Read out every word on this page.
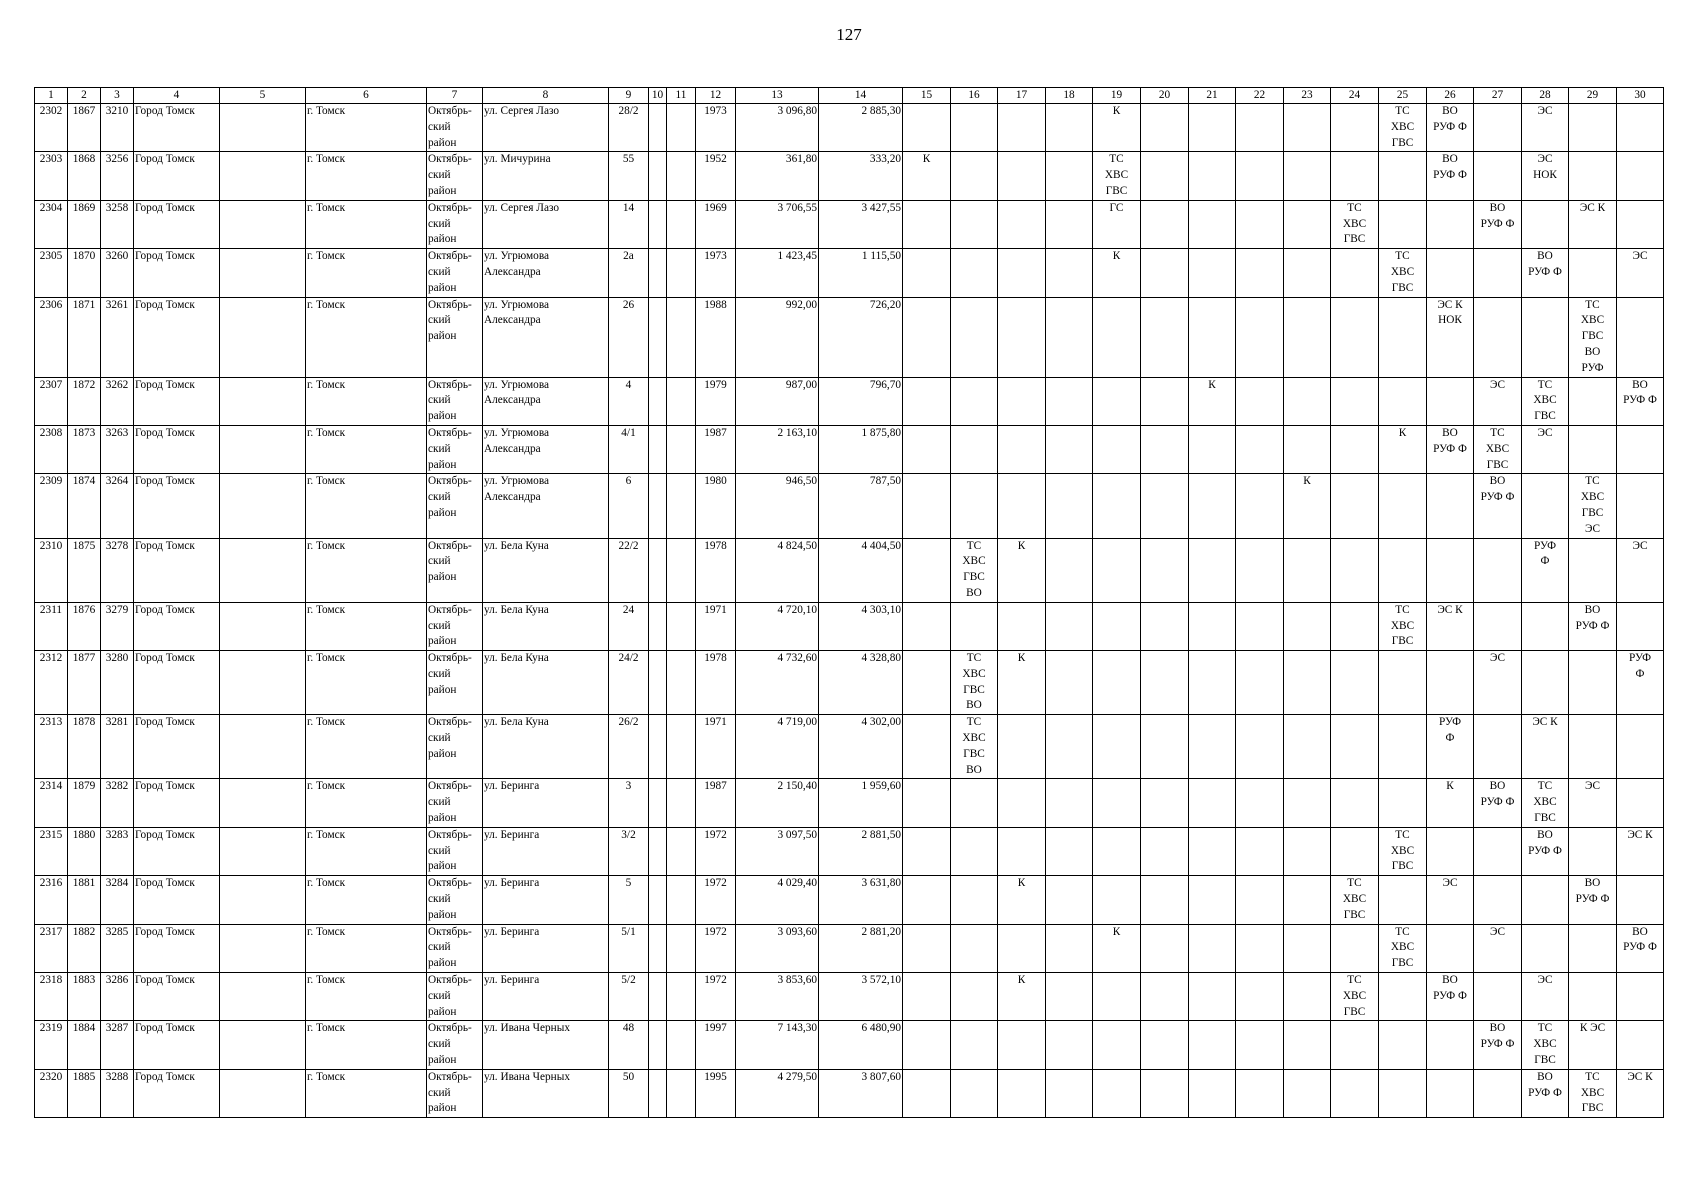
127
1	2	3	4	5	6	7	8	9	10	11	12	13	14	15	16	17	18	19	20	21	22	23	24	25	26	27	28	29	30
2302	1867	3210	Город Томск		г. Томск	Октябрь-
ский
район	ул. Сергея Лазо	28/2			1973	3 096,80	2 885,30					К						ТС
ХВС
ГВС	ВО
РУФ Ф		ЭС		
2303	1868	3256	Город Томск		г. Томск	Октябрь-
ский
район	ул. Мичурина	55			1952	361,80	333,20	К				ТС
ХВС
ГВС							ВО
РУФ Ф		ЭС
НОК		
2304	1869	3258	Город Томск		г. Томск	Октябрь-
ский
район	ул. Сергея Лазо	14			1969	3 706,55	3 427,55					ГС					ТС
ХВС
ГВС			ВО
РУФ Ф		ЭС К	
2305	1870	3260	Город Томск		г. Томск	Октябрь-
ский
район	ул. Угрюмова
Александра	2а			1973	1 423,45	1 115,50					К						ТС
ХВС
ГВС			ВО
РУФ Ф		ЭС
2306	1871	3261	Город Томск		г. Томск	Октябрь-
ский
район	ул. Угрюмова
Александра	26			1988	992,00	726,20												ЭС К
НОК			ТС
ХВС
ГВС
ВО
РУФ	
2307	1872	3262	Город Томск		г. Томск	Октябрь-
ский
район	ул. Угрюмова
Александра	4			1979	987,00	796,70							К						ЭС	ТС
ХВС
ГВС		ВО
РУФ Ф
2308	1873	3263	Город Томск		г. Томск	Октябрь-
ский
район	ул. Угрюмова
Александра	4/1			1987	2 163,10	1 875,80											К	ВО
РУФ Ф	ТС
ХВС
ГВС	ЭС		
2309	1874	3264	Город Томск		г. Томск	Октябрь-
ский
район	ул. Угрюмова
Александра	6			1980	946,50	787,50									К				ВО
РУФ Ф		ТС
ХВС
ГВС
ЭС	
2310	1875	3278	Город Томск		г. Томск	Октябрь-
ский
район	ул. Бела Куна	22/2			1978	4 824,50	4 404,50		ТС
ХВС
ГВС
ВО	К											РУФ
Ф		ЭС
2311	1876	3279	Город Томск		г. Томск	Октябрь-
ский
район	ул. Бела Куна	24			1971	4 720,10	4 303,10											ТС
ХВС
ГВС	ЭС К			ВО
РУФ Ф	
2312	1877	3280	Город Томск		г. Томск	Октябрь-
ский
район	ул. Бела Куна	24/2			1978	4 732,60	4 328,80		ТС
ХВС
ГВС
ВО	К										ЭС			РУФ
Ф
2313	1878	3281	Город Томск		г. Томск	Октябрь-
ский
район	ул. Бела Куна	26/2			1971	4 719,00	4 302,00		ТС
ХВС
ГВС
ВО										РУФ
Ф		ЭС К		
2314	1879	3282	Город Томск		г. Томск	Октябрь-
ский
район	ул. Беринга	3			1987	2 150,40	1 959,60												К	ВО
РУФ Ф	ТС
ХВС
ГВС	ЭС	
2315	1880	3283	Город Томск		г. Томск	Октябрь-
ский
район	ул. Беринга	3/2			1972	3 097,50	2 881,50											ТС
ХВС
ГВС			ВО
РУФ Ф		ЭС К
2316	1881	3284	Город Томск		г. Томск	Октябрь-
ский
район	ул. Беринга	5			1972	4 029,40	3 631,80			К							ТС
ХВС
ГВС		ЭС			ВО
РУФ Ф	
2317	1882	3285	Город Томск		г. Томск	Октябрь-
ский
район	ул. Беринга	5/1			1972	3 093,60	2 881,20					К						ТС
ХВС
ГВС		ЭС			ВО
РУФ Ф
2318	1883	3286	Город Томск		г. Томск	Октябрь-
ский
район	ул. Беринга	5/2			1972	3 853,60	3 572,10			К							ТС
ХВС
ГВС		ВО
РУФ Ф		ЭС		
2319	1884	3287	Город Томск		г. Томск	Октябрь-
ский
район	ул. Ивана Черных	48			1997	7 143,30	6 480,90													ВО
РУФ Ф	ТС
ХВС
ГВС	К ЭС	
2320	1885	3288	Город Томск		г. Томск	Октябрь-
ский
район	ул. Ивана Черных	50			1995	4 279,50	3 807,60														ВО
РУФ Ф	ТС
ХВС
ГВС	ЭС К
